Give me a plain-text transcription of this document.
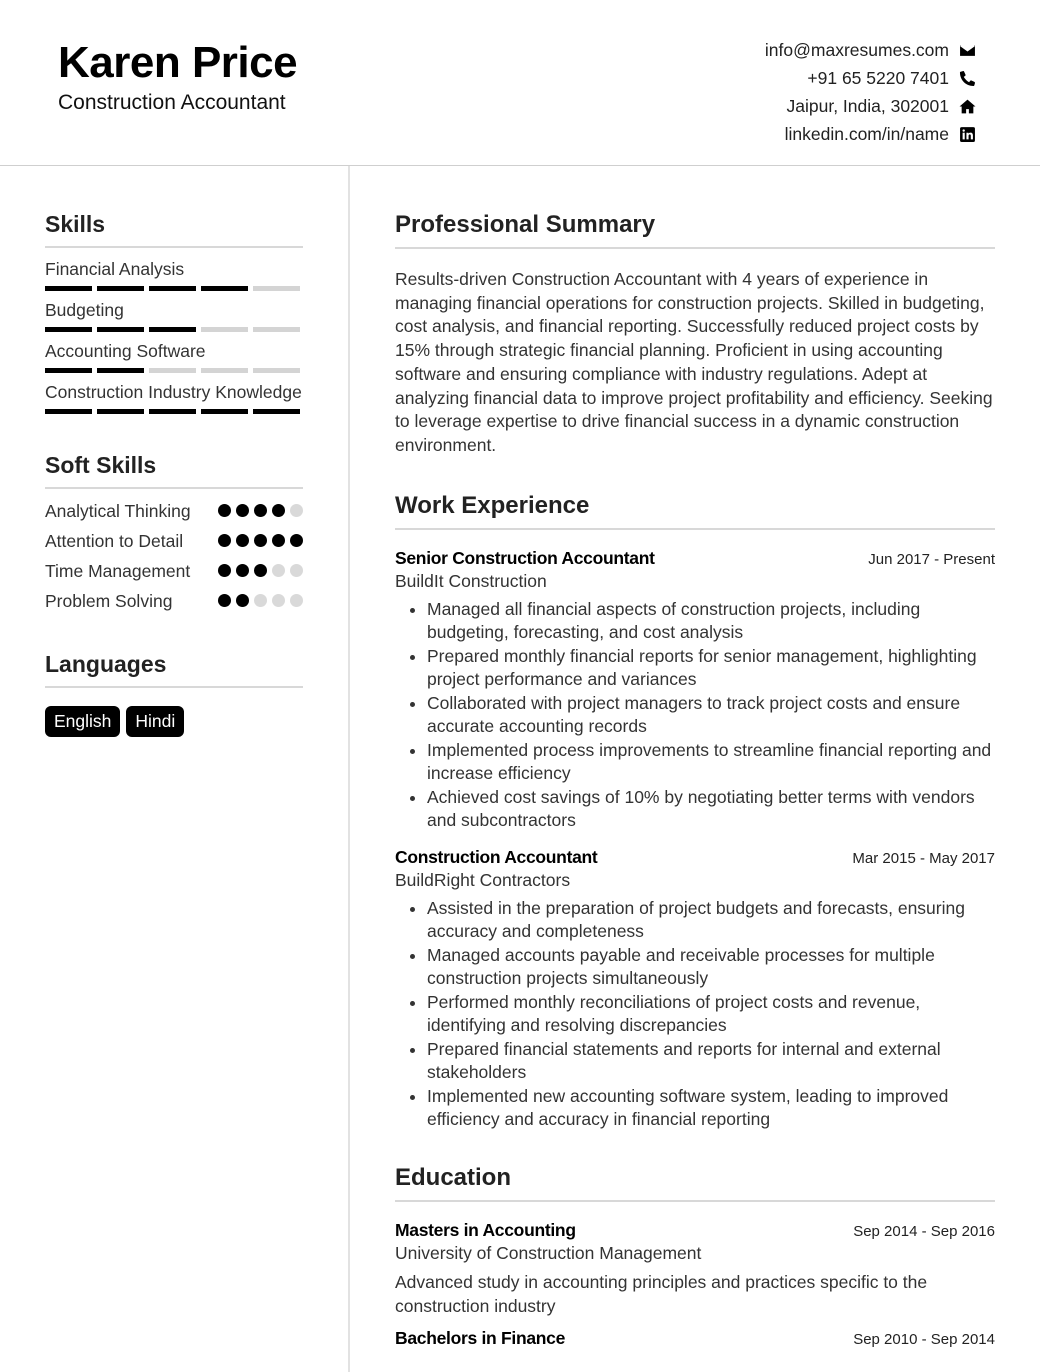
Karen Price
Construction Accountant
info@maxresumes.com
+91 65 5220 7401
Jaipur, India, 302001
linkedin.com/in/name
Skills
Financial Analysis
Budgeting
Accounting Software
Construction Industry Knowledge
Soft Skills
Analytical Thinking
Attention to Detail
Time Management
Problem Solving
Languages
English	Hindi
Professional Summary
Results-driven Construction Accountant with 4 years of experience in managing financial operations for construction projects. Skilled in budgeting, cost analysis, and financial reporting. Successfully reduced project costs by 15% through strategic financial planning. Proficient in using accounting software and ensuring compliance with industry regulations. Adept at analyzing financial data to improve project profitability and efficiency. Seeking to leverage expertise to drive financial success in a dynamic construction environment.
Work Experience
Senior Construction Accountant	Jun 2017 - Present
BuildIt Construction
• Managed all financial aspects of construction projects, including budgeting, forecasting, and cost analysis
• Prepared monthly financial reports for senior management, highlighting project performance and variances
• Collaborated with project managers to track project costs and ensure accurate accounting records
• Implemented process improvements to streamline financial reporting and increase efficiency
• Achieved cost savings of 10% by negotiating better terms with vendors and subcontractors
Construction Accountant	Mar 2015 - May 2017
BuildRight Contractors
• Assisted in the preparation of project budgets and forecasts, ensuring accuracy and completeness
• Managed accounts payable and receivable processes for multiple construction projects simultaneously
• Performed monthly reconciliations of project costs and revenue, identifying and resolving discrepancies
• Prepared financial statements and reports for internal and external stakeholders
• Implemented new accounting software system, leading to improved efficiency and accuracy in financial reporting
Education
Masters in Accounting	Sep 2014 - Sep 2016
University of Construction Management
Advanced study in accounting principles and practices specific to the construction industry
Bachelors in Finance	Sep 2010 - Sep 2014
